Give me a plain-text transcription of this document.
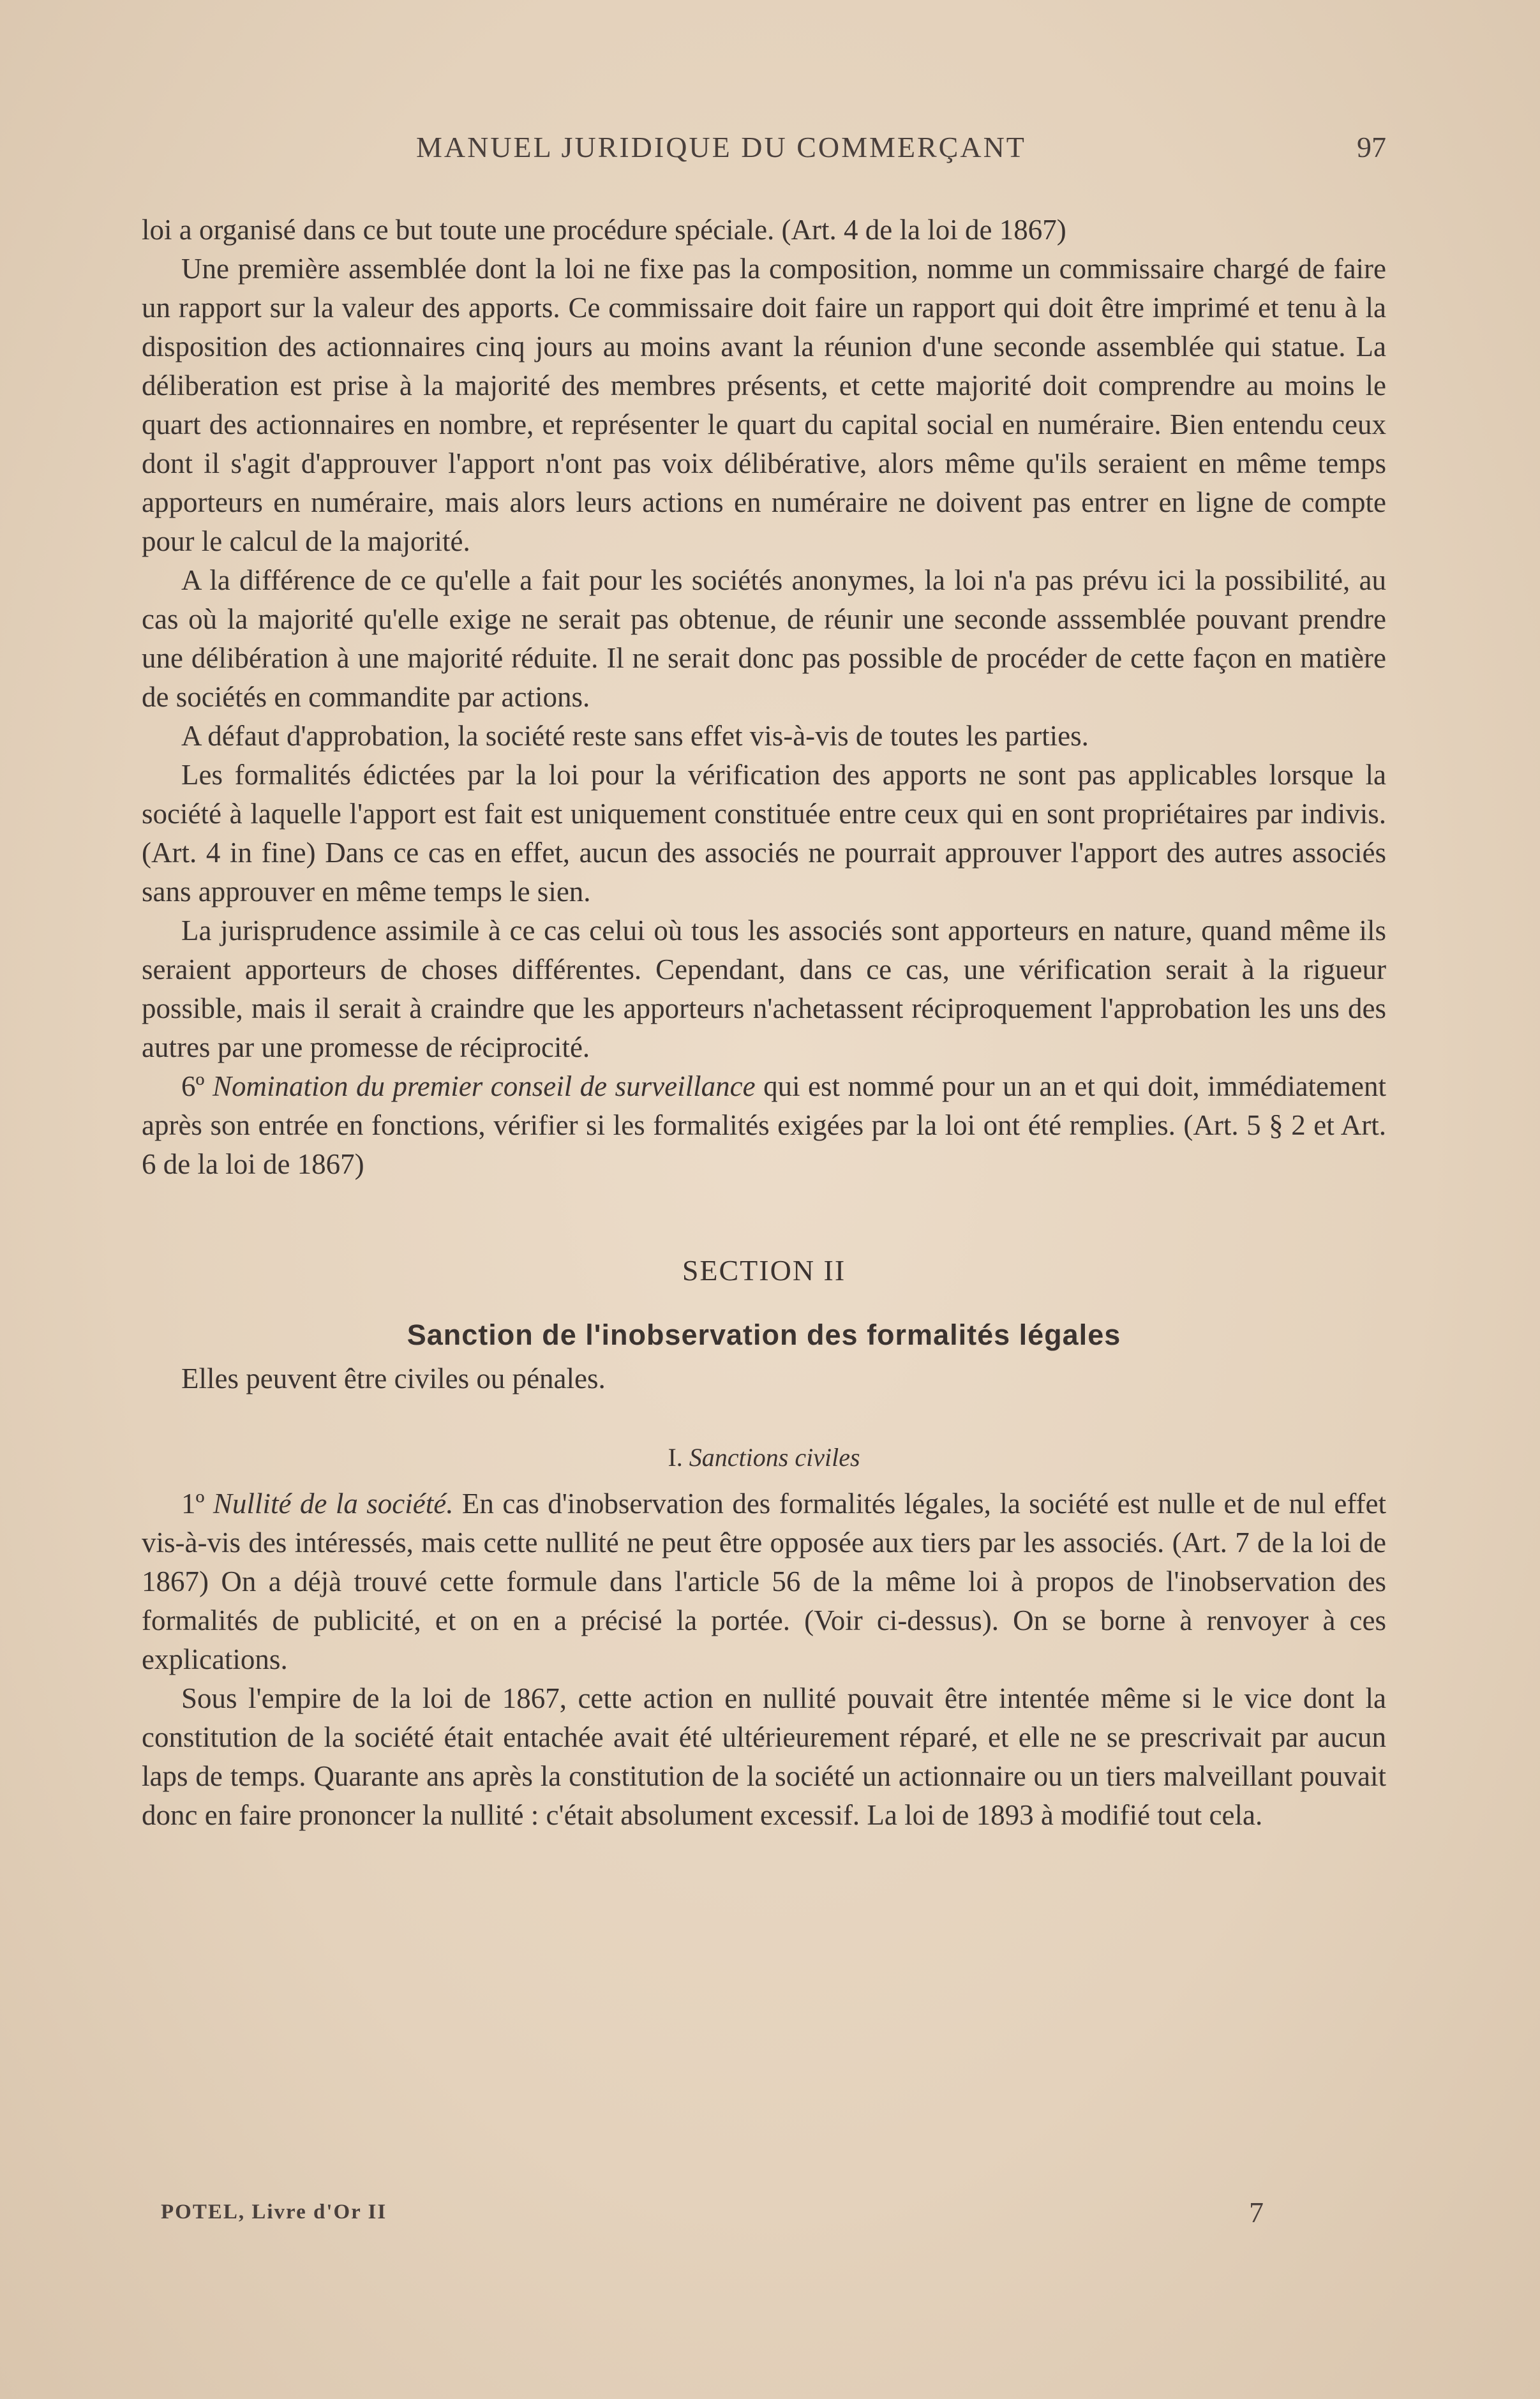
MANUEL JURIDIQUE DU COMMERÇANT	97

loi a organisé dans ce but toute une procédure spéciale. (Art. 4 de la loi de 1867)

Une première assemblée dont la loi ne fixe pas la composition, nomme un commissaire chargé de faire un rapport sur la valeur des apports. Ce commissaire doit faire un rapport qui doit être imprimé et tenu à la disposition des actionnaires cinq jours au moins avant la réunion d'une seconde assemblée qui statue. La déliberation est prise à la majorité des membres présents, et cette majorité doit comprendre au moins le quart des actionnaires en nombre, et représenter le quart du capital social en numéraire. Bien entendu ceux dont il s'agit d'approuver l'apport n'ont pas voix délibérative, alors même qu'ils seraient en même temps apporteurs en numéraire, mais alors leurs actions en numéraire ne doivent pas entrer en ligne de compte pour le calcul de la majorité.

A la différence de ce qu'elle a fait pour les sociétés anonymes, la loi n'a pas prévu ici la possibilité, au cas où la majorité qu'elle exige ne serait pas obtenue, de réunir une seconde asssemblée pouvant prendre une délibération à une majorité réduite. Il ne serait donc pas possible de procéder de cette façon en matière de sociétés en commandite par actions.

A défaut d'approbation, la société reste sans effet vis-à-vis de toutes les parties.

Les formalités édictées par la loi pour la vérification des apports ne sont pas applicables lorsque la société à laquelle l'apport est fait est uniquement constituée entre ceux qui en sont propriétaires par indivis. (Art. 4 in fine) Dans ce cas en effet, aucun des associés ne pourrait approuver l'apport des autres associés sans approuver en même temps le sien.

La jurisprudence assimile à ce cas celui où tous les associés sont apporteurs en nature, quand même ils seraient apporteurs de choses différentes. Cependant, dans ce cas, une vérification serait à la rigueur possible, mais il serait à craindre que les apporteurs n'achetassent réciproquement l'approbation les uns des autres par une promesse de réciprocité.

6º Nomination du premier conseil de surveillance qui est nommé pour un an et qui doit, immédiatement après son entrée en fonctions, vérifier si les formalités exigées par la loi ont été remplies. (Art. 5 § 2 et Art. 6 de la loi de 1867)

SECTION II
Sanction de l'inobservation des formalités légales

Elles peuvent être civiles ou pénales.

I. Sanctions civiles

1º Nullité de la société. En cas d'inobservation des formalités légales, la société est nulle et de nul effet vis-à-vis des intéressés, mais cette nullité ne peut être opposée aux tiers par les associés. (Art. 7 de la loi de 1867) On a déjà trouvé cette formule dans l'article 56 de la même loi à propos de l'inobservation des formalités de publicité, et on en a précisé la portée. (Voir ci-dessus). On se borne à renvoyer à ces explications.

Sous l'empire de la loi de 1867, cette action en nullité pouvait être intentée même si le vice dont la constitution de la société était entachée avait été ultérieurement réparé, et elle ne se prescrivait par aucun laps de temps. Quarante ans après la constitution de la société un actionnaire ou un tiers malveillant pouvait donc en faire prononcer la nullité : c'était absolument excessif. La loi de 1893 à modifié tout cela.

POTEL, Livre d'Or II	7
